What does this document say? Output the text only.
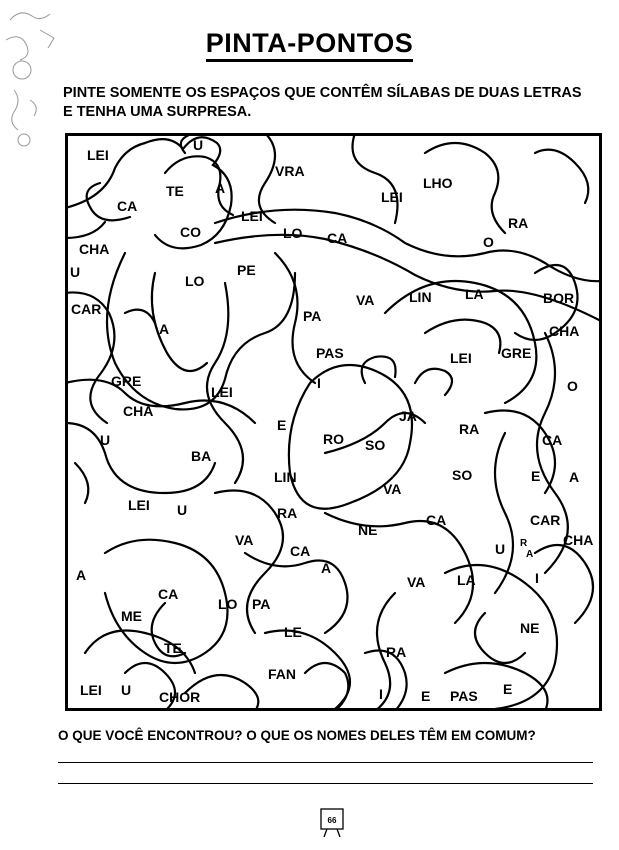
PINTA-PONTOS
PINTE SOMENTE OS ESPAÇOS QUE CONTÊM SÍLABAS DE DUAS LETRAS
E TENHA UMA SURPRESA.
LEI
U
VRA
CA
TE A	LHO
LEI
LEI
CO	LO CA
RA
CHA	O
U
LO
PE
VA LIN LA	BOR
CAR	PA
A	CHA
PAS	LEI GRE
GRE	I	O
LEI
CHA	JA
E	RA
CA
U	RO SO
BA
LIN	SO	E A
VA
LEI U	RA
NE
CA	CAR
VA
CA	U R
A
CHA
A	A
VA LA	I
CA
ME
LO PA
LE	NE
TE
FAN
RA
LEI U CHOR	I	E PAS E
O QUE VOCÊ ENCONTROU? O QUE OS NOMES DELES TÊM EM COMUM?
66
